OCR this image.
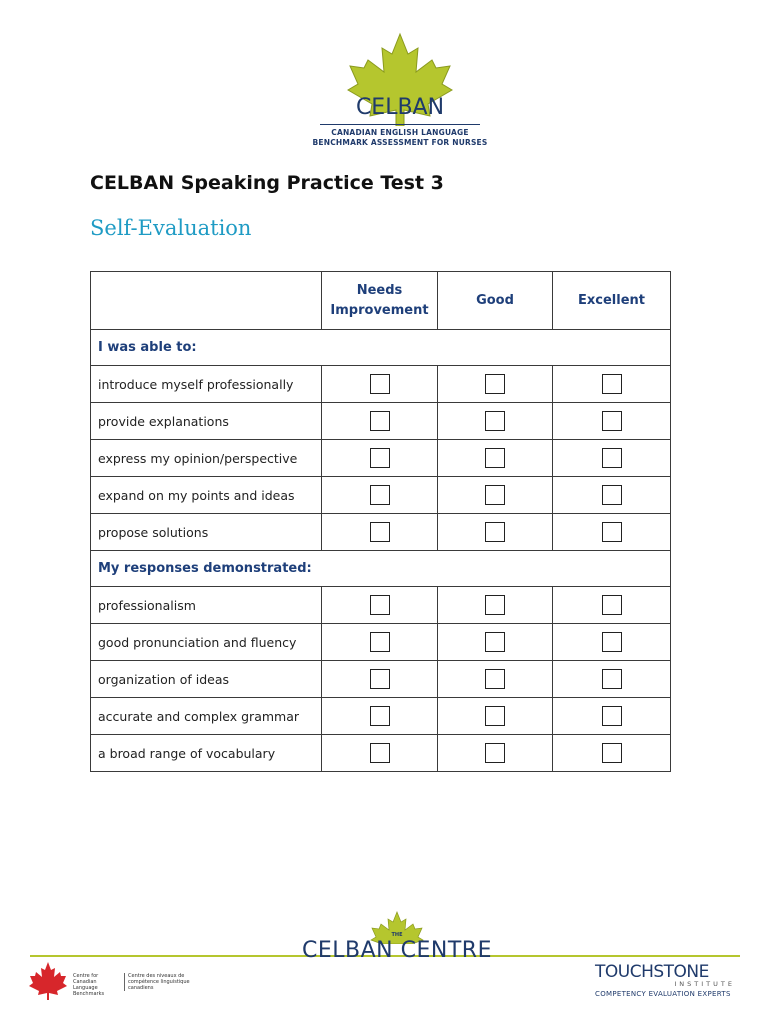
CELBAN
CANADIAN ENGLISH LANGUAGE
BENCHMARK ASSESSMENT FOR NURSES
CELBAN Speaking Practice Test 3
Self-Evaluation
	Needs Improvement	Good	Excellent
I was able to:			
introduce myself professionally			
provide explanations			
express my opinion/perspective			
expand on my points and ideas			
propose solutions			
My responses demonstrated:			
professionalism			
good pronunciation and fluency			
organization of ideas			
accurate and complex grammar			
a broad range of vocabulary			
THE
CELBAN CENTRE
Centre for Canadian Language Benchmarks
Centre des niveaux de compétence linguistique canadiens
TOUCHSTONE
INSTITUTE
COMPETENCY EVALUATION EXPERTS
